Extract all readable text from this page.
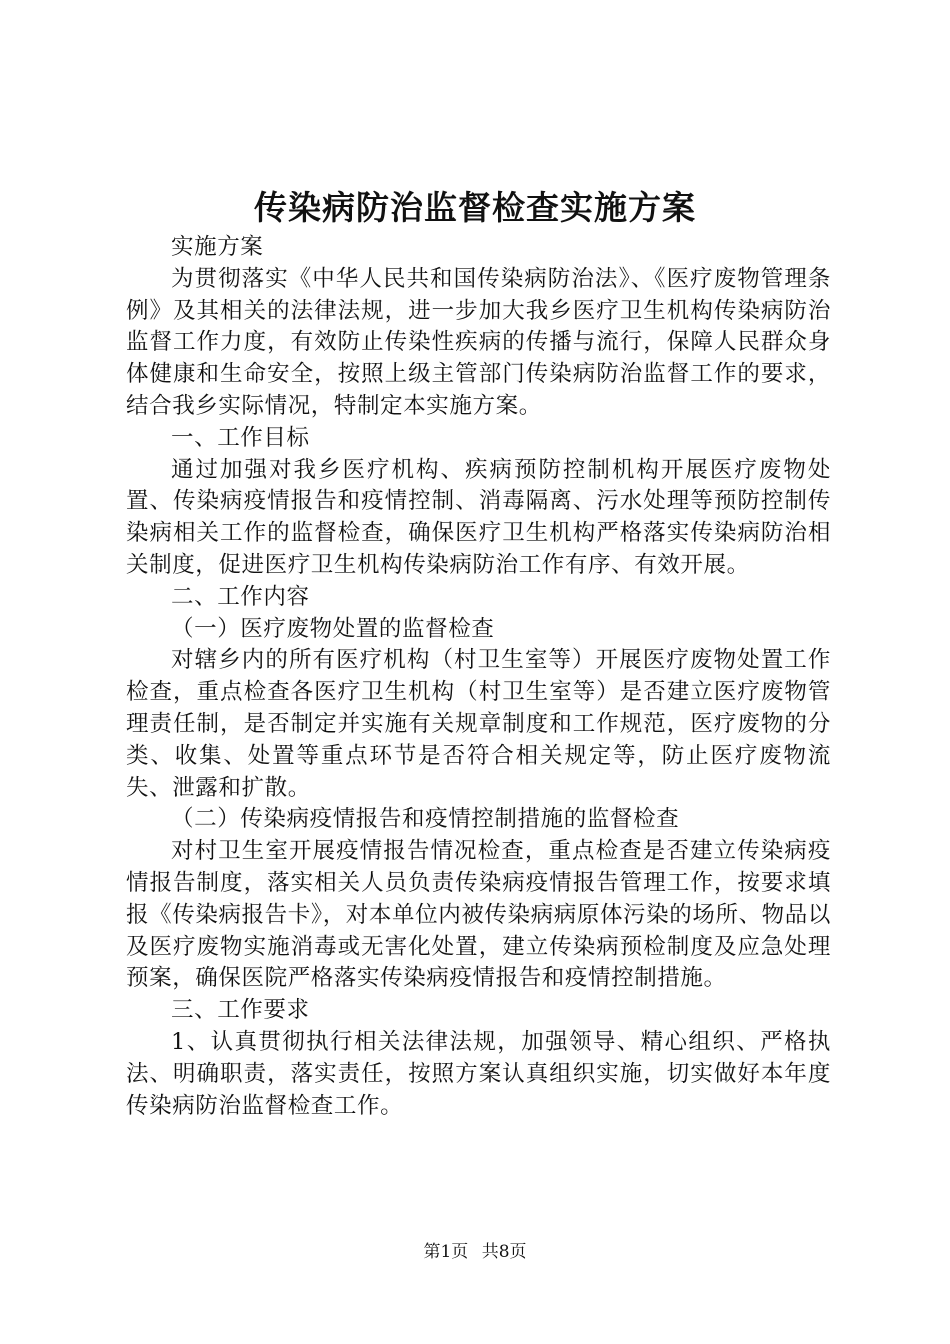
传染病防治监督检查实施方案

实施方案

为贯彻落实《中华人民共和国传染病防治法》、《医疗废物管理条例》及其相关的法律法规，进一步加大我乡医疗卫生机构传染病防治监督工作力度，有效防止传染性疾病的传播与流行，保障人民群众身体健康和生命安全，按照上级主管部门传染病防治监督工作的要求，结合我乡实际情况，特制定本实施方案。

一、工作目标

通过加强对我乡医疗机构、疾病预防控制机构开展医疗废物处置、传染病疫情报告和疫情控制、消毒隔离、污水处理等预防控制传染病相关工作的监督检查，确保医疗卫生机构严格落实传染病防治相关制度，促进医疗卫生机构传染病防治工作有序、有效开展。

二、工作内容

（一）医疗废物处置的监督检查

对辖乡内的所有医疗机构（村卫生室等）开展医疗废物处置工作检查，重点检查各医疗卫生机构（村卫生室等）是否建立医疗废物管理责任制，是否制定并实施有关规章制度和工作规范，医疗废物的分类、收集、处置等重点环节是否符合相关规定等，防止医疗废物流失、泄露和扩散。

（二）传染病疫情报告和疫情控制措施的监督检查

对村卫生室开展疫情报告情况检查，重点检查是否建立传染病疫情报告制度，落实相关人员负责传染病疫情报告管理工作，按要求填报《传染病报告卡》，对本单位内被传染病病原体污染的场所、物品以及医疗废物实施消毒或无害化处置，建立传染病预检制度及应急处理预案，确保医院严格落实传染病疫情报告和疫情控制措施。

三、工作要求

1、认真贯彻执行相关法律法规，加强领导、精心组织、严格执法、明确职责，落实责任，按照方案认真组织实施，切实做好本年度传染病防治监督检查工作。

第1页 共8页
